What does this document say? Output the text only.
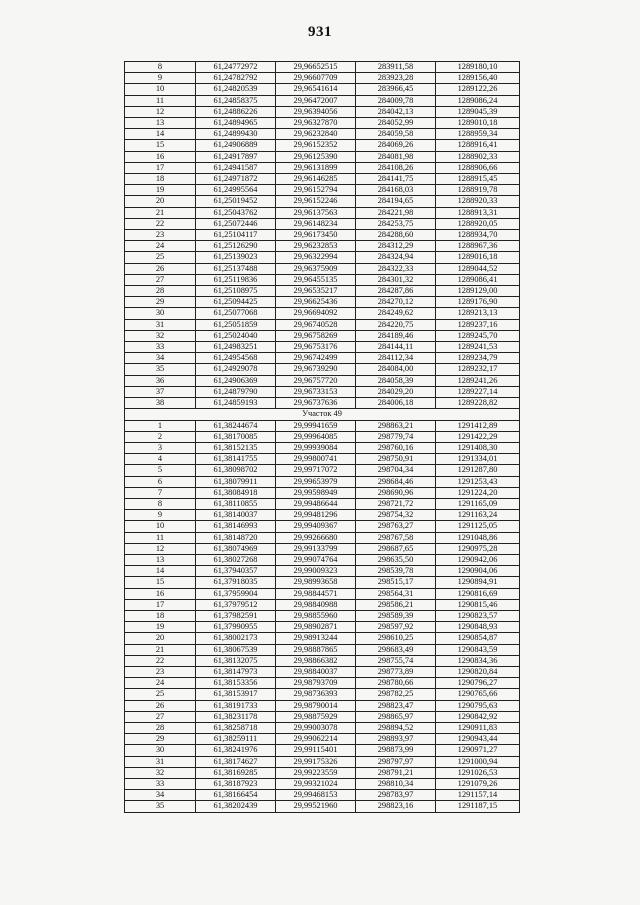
931
8	61,24772972	29,96652515	283911,58	1289180,10
9	61,24782792	29,96607709	283923,28	1289156,40
10	61,24820539	29,96541614	283966,45	1289122,26
11	61,24858375	29,96472007	284009,78	1289086,24
12	61,24886226	29,96394056	284042,13	1289045,39
13	61,24894965	29,96327870	284052,99	1289010,18
14	61,24899430	29,96232840	284059,58	1288959,34
15	61,24906889	29,96152352	284069,26	1288916,41
16	61,24917897	29,96125390	284081,98	1288902,33
17	61,24941587	29,96131899	284108,26	1288906,66
18	61,24971872	29,96146285	284141,75	1288915,45
19	61,24995564	29,96152794	284168,03	1288919,78
20	61,25019452	29,96152246	284194,65	1288920,33
21	61,25043762	29,96137563	284221,98	1288913,31
22	61,25072446	29,96148234	284253,75	1288920,05
23	61,25104117	29,96173450	284288,60	1288934,70
24	61,25126290	29,96232853	284312,29	1288967,36
25	61,25139023	29,96322994	284324,94	1289016,18
26	61,25137488	29,96375909	284322,33	1289044,52
27	61,25119836	29,96455135	284301,32	1289086,41
28	61,25108975	29,96535217	284287,86	1289129,00
29	61,25094425	29,96625436	284270,12	1289176,90
30	61,25077068	29,96694092	284249,62	1289213,13
31	61,25051859	29,96740528	284220,75	1289237,16
32	61,25024040	29,96758269	284189,46	1289245,70
33	61,24983251	29,96753176	284144,11	1289241,53
34	61,24954568	29,96742499	284112,34	1289234,79
35	61,24929078	29,96739290	284084,00	1289232,17
36	61,24906369	29,96757720	284058,39	1289241,26
37	61,24879790	29,96733153	284029,20	1289227,14
38	61,24859193	29,96737636	284006,18	1289228,82
Участок 49				
1	61,38244674	29,99941659	298863,21	1291412,89
2	61,38170085	29,99964085	298779,74	1291422,29
3	61,38152135	29,99939084	298760,16	1291408,30
4	61,38141755	29,99800741	298750,91	1291334,01
5	61,38098702	29,99717072	298704,34	1291287,80
6	61,38079911	29,99653979	298684,46	1291253,43
7	61,38084918	29,99598949	298690,96	1291224,20
8	61,38110855	29,99486644	298721,72	1291165,09
9	61,38140037	29,99481296	298754,32	1291163,24
10	61,38146993	29,99409367	298763,27	1291125,05
11	61,38148720	29,99266680	298767,58	1291048,86
12	61,38074969	29,99133799	298687,65	1290975,28
13	61,38027268	29,99074764	298635,50	1290942,06
14	61,37940357	29,99009323	298539,78	1290904,06
15	61,37918035	29,98993658	298515,17	1290894,91
16	61,37959904	29,98844571	298564,31	1290816,69
17	61,37979512	29,98840988	298586,21	1290815,46
18	61,37982591	29,98855960	298589,39	1290823,57
19	61,37990955	29,98902871	298597,92	1290848,93
20	61,38002173	29,98913244	298610,25	1290854,87
21	61,38067539	29,98887865	298683,49	1290843,59
22	61,38132075	29,98866382	298755,74	1290834,36
23	61,38147973	29,98840037	298773,89	1290820,84
24	61,38153356	29,98793709	298780,66	1290796,27
25	61,38153917	29,98736393	298782,25	1290765,66
26	61,38191733	29,98790014	298823,47	1290795,63
27	61,38231178	29,98875929	298865,97	1290842,92
28	61,38258718	29,99003078	298894,52	1290911,83
29	61,38259111	29,99062214	298893,97	1290943,44
30	61,38241976	29,99115401	298873,99	1290971,27
31	61,38174627	29,99175326	298797,97	1291000,94
32	61,38169285	29,99223559	298791,21	1291026,53
33	61,38187923	29,99321024	298810,34	1291079,26
34	61,38166454	29,99468153	298783,97	1291157,14
35	61,38202439	29,99521960	298823,16	1291187,15
